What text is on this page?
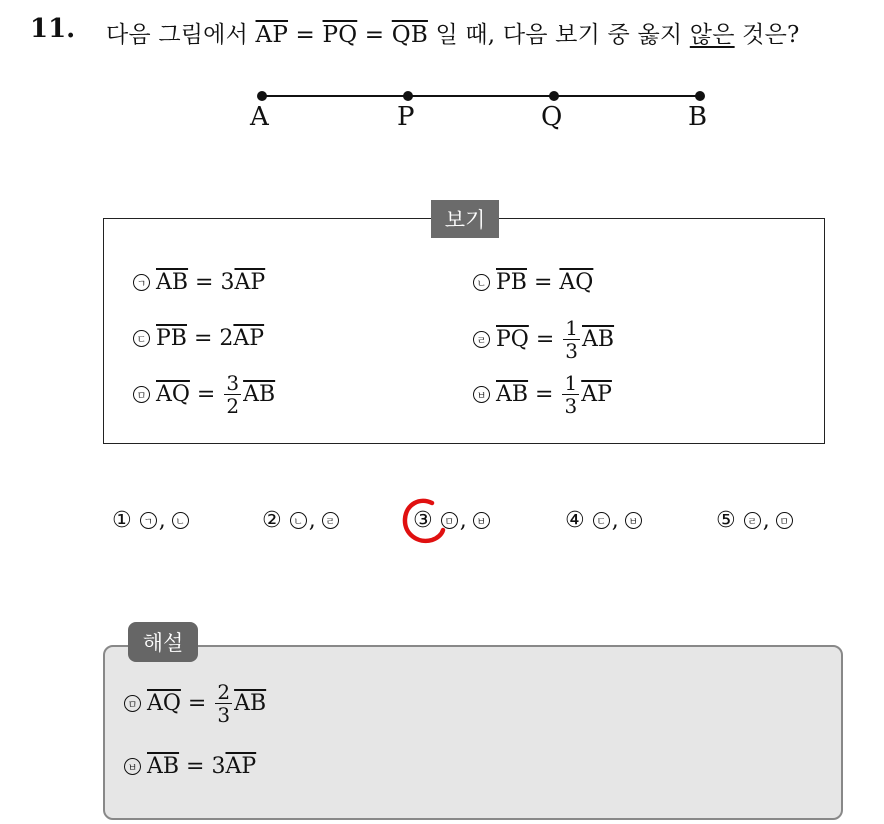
11. 다음 그림에서 $\overline{AP} = \overline{PQ} = \overline{QB}$ 일 때, 다음 보기 중 옳지 않은 것은?
A	P	Q	B
보기
ㄱ $\overline{AB} = 3$ $\overline{AP}$	ㄴ $\overline{PB} = \overline{AQ}$
ㄷ $\overline{PB} = 2$ $\overline{AP}$	ㄹ $\overline{PQ} = \frac{1}{3} \overline{AB}$
ㅁ $\overline{AQ} = \frac{3}{2} \overline{AB}$	ㅂ $\overline{AB} = \frac{1}{3} \overline{AP}$
①	ㄱ , ㄴ	②	ㄴ , ㄹ	③	ㅁ , ㅂ	④	ㄷ , ㅂ	⑤	ㄹ , ㅁ
해설
ㅁ $\overline{AQ} = \frac{2}{3} \overline{AB}$
ㅂ $\overline{AB} = 3$ $\overline{AP}$
